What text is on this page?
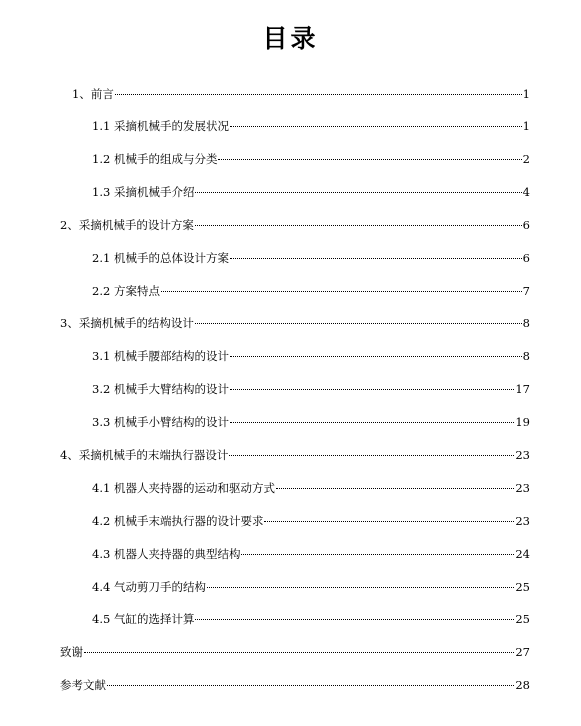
目录
1、前言	1
1.1 采摘机械手的发展状况	1
1.2 机械手的组成与分类	2
1.3 采摘机械手介绍	4
2、采摘机械手的设计方案	6
2.1 机械手的总体设计方案	6
2.2 方案特点	7
3、采摘机械手的结构设计	8
3.1 机械手腰部结构的设计	8
3.2 机械手大臂结构的设计	17
3.3 机械手小臂结构的设计	19
4、采摘机械手的末端执行器设计	23
4.1 机器人夹持器的运动和驱动方式	23
4.2 机械手末端执行器的设计要求	23
4.3 机器人夹持器的典型结构	24
4.4 气动剪刀手的结构	25
4.5 气缸的选择计算	25
致谢	27
参考文献	28
